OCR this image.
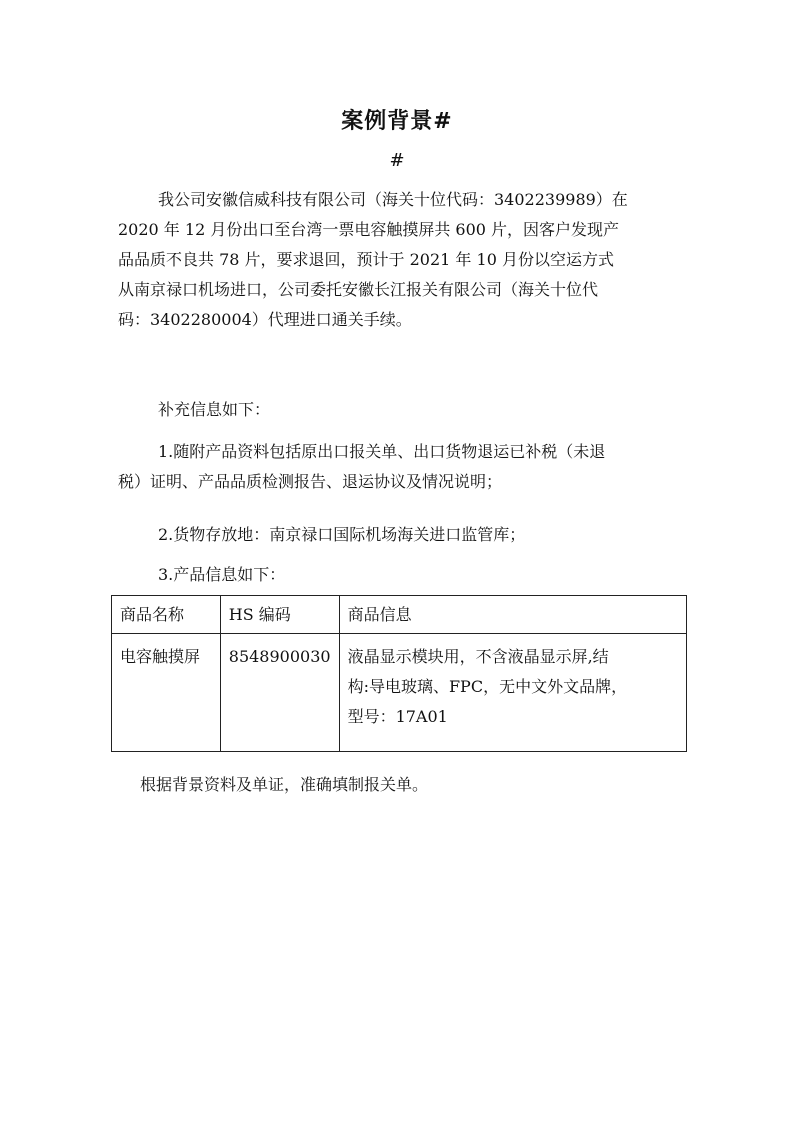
案例背景#
#

我公司安徽信威科技有限公司（海关十位代码：3402239989）在
2020 年 12 月份出口至台湾一票电容触摸屏共 600 片，因客户发现产
品品质不良共 78 片，要求退回，预计于 2021 年 10 月份以空运方式
从南京禄口机场进口，公司委托安徽长江报关有限公司（海关十位代
码：3402280004）代理进口通关手续。

补充信息如下：

1.随附产品资料包括原出口报关单、出口货物退运已补税（未退
税）证明、产品品质检测报告、退运协议及情况说明；

2.货物存放地：南京禄口国际机场海关进口监管库；
3.产品信息如下：
商品名称	HS 编码	商品信息
电容触摸屏	8548900030	液晶显示模块用，不含液晶显示屏,结
构:导电玻璃、FPC，无中文外文品牌，
型号：17A01
根据背景资料及单证，准确填制报关单。
